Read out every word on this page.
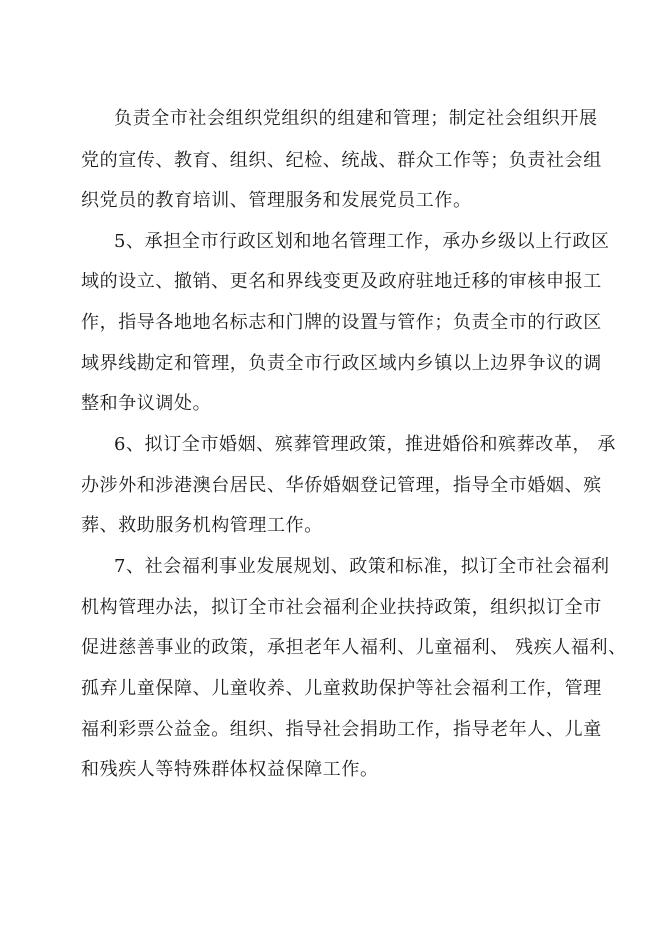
负责全市社会组织党组织的组建和管理；制定社会组织开展
党的宣传、教育、组织、纪检、统战、群众工作等；负责社会组
织党员的教育培训、管理服务和发展党员工作。
5、承担全市行政区划和地名管理工作，承办乡级以上行政区
域的设立、撤销、更名和界线变更及政府驻地迁移的审核申报工
作，指导各地地名标志和门牌的设置与管作；负责全市的行政区
域界线勘定和管理，负责全市行政区域内乡镇以上边界争议的调
整和争议调处。
6、拟订全市婚姻、殡葬管理政策，推进婚俗和殡葬改革， 承
办涉外和涉港澳台居民、华侨婚姻登记管理，指导全市婚姻、殡
葬、救助服务机构管理工作。
7、社会福利事业发展规划、政策和标准，拟订全市社会福利
机构管理办法，拟订全市社会福利企业扶持政策，组织拟订全市
促进慈善事业的政策，承担老年人福利、儿童福利、 残疾人福利、
孤弃儿童保障、儿童收养、儿童救助保护等社会福利工作，管理
福利彩票公益金。组织、指导社会捐助工作，指导老年人、儿童
和残疾人等特殊群体权益保障工作。
